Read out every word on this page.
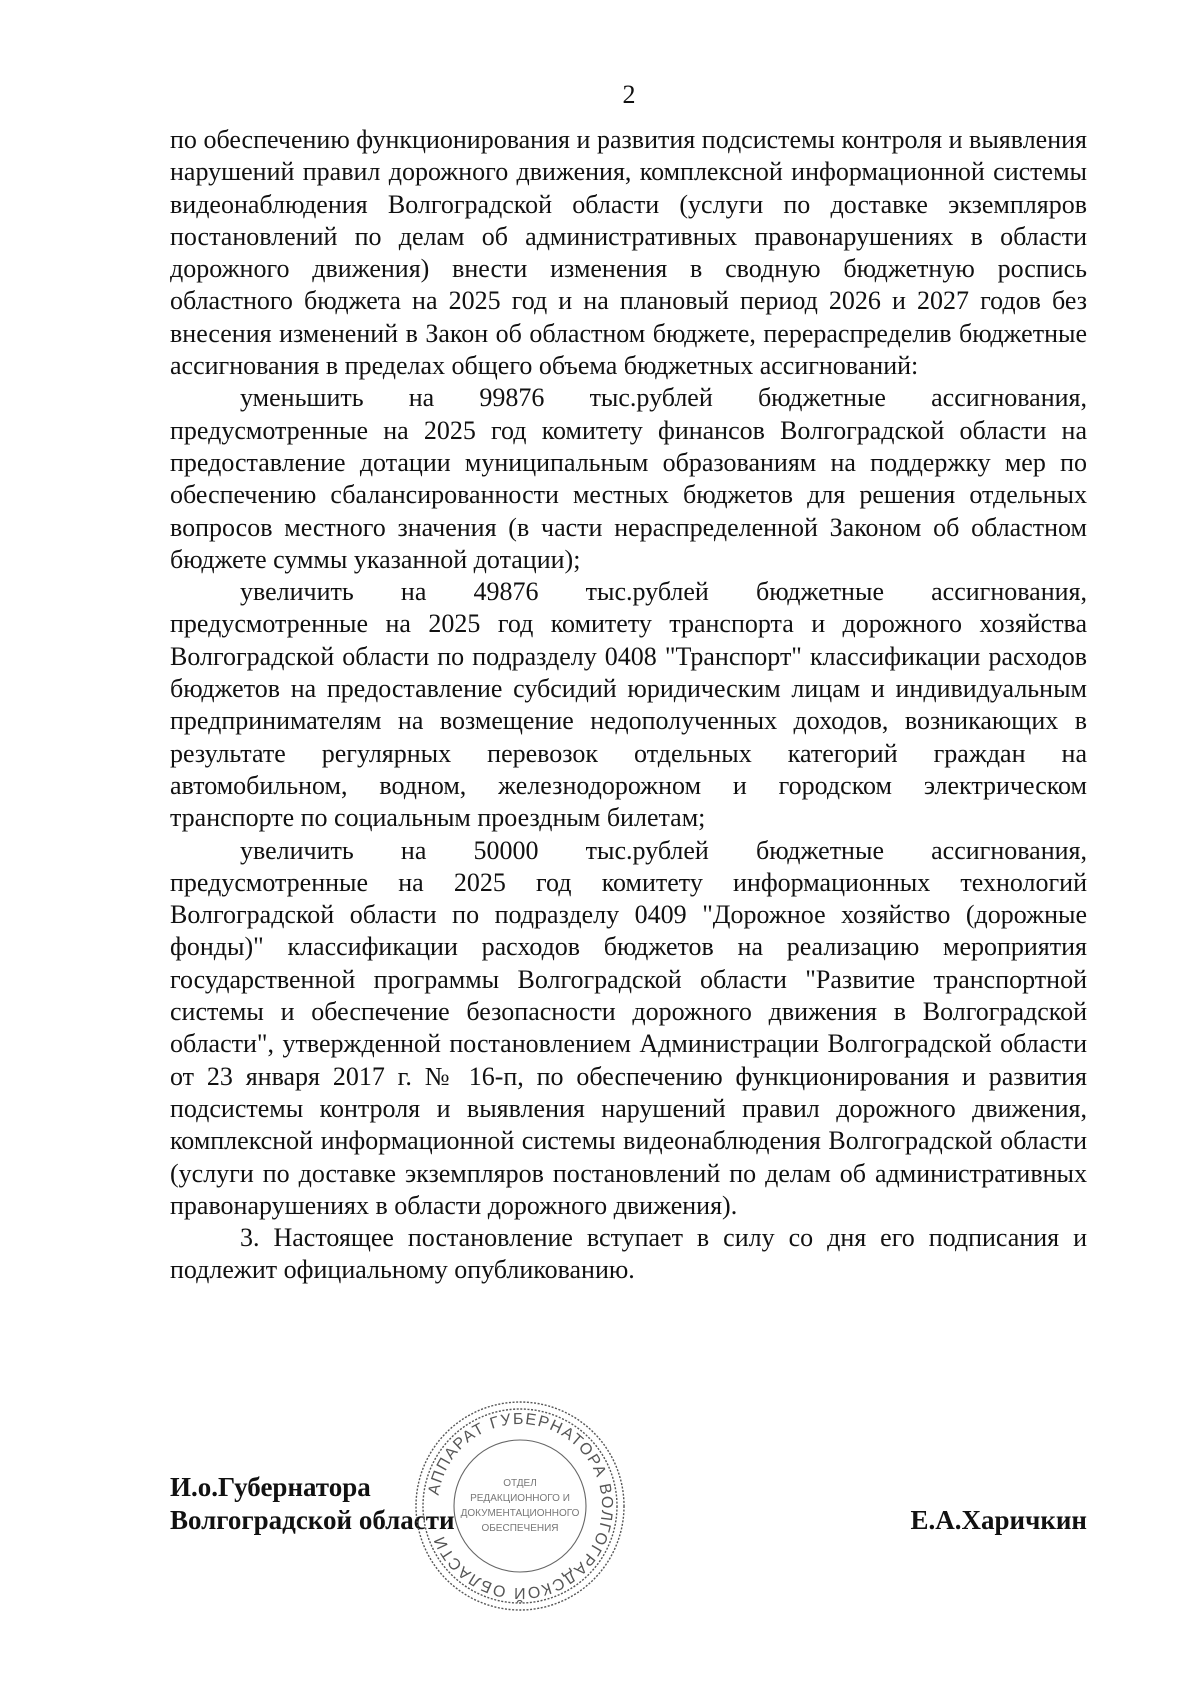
2

по обеспечению функционирования и развития подсистемы контроля и выявления нарушений правил дорожного движения, комплексной информационной системы видеонаблюдения Волгоградской области (услуги по доставке экземпляров постановлений по делам об административных правонарушениях в области дорожного движения) внести изменения в сводную бюджетную роспись областного бюджета на 2025 год и на плановый период 2026 и 2027 годов без внесения изменений в Закон об областном бюджете, перераспределив бюджетные ассигнования в пределах общего объема бюджетных ассигнований:

уменьшить на 99876 тыс.рублей бюджетные ассигнования, предусмотренные на 2025 год комитету финансов Волгоградской области на предоставление дотации муниципальным образованиям на поддержку мер по обеспечению сбалансированности местных бюджетов для решения отдельных вопросов местного значения (в части нераспределенной Законом об областном бюджете суммы указанной дотации);

увеличить на 49876 тыс.рублей бюджетные ассигнования, предусмотренные на 2025 год комитету транспорта и дорожного хозяйства Волгоградской области по подразделу 0408 "Транспорт" классификации расходов бюджетов на предоставление субсидий юридическим лицам и индивидуальным предпринимателям на возмещение недополученных доходов, возникающих в результате регулярных перевозок отдельных категорий граждан на автомобильном, водном, железнодорожном и городском электрическом транспорте по социальным проездным билетам;

увеличить на 50000 тыс.рублей бюджетные ассигнования, предусмотренные на 2025 год комитету информационных технологий Волгоградской области по подразделу 0409 "Дорожное хозяйство (дорожные фонды)" классификации расходов бюджетов на реализацию мероприятия государственной программы Волгоградской области "Развитие транспортной системы и обеспечение безопасности дорожного движения в Волгоградской области", утвержденной постановлением Администрации Волгоградской области от 23 января 2017 г. № 16-п, по обеспечению функционирования и развития подсистемы контроля и выявления нарушений правил дорожного движения, комплексной информационной системы видеонаблюдения Волгоградской области (услуги по доставке экземпляров постановлений по делам об административных правонарушениях в области дорожного движения).

3. Настоящее постановление вступает в силу со дня его подписания и подлежит официальному опубликованию.

И.о.Губернатора
Волгоградской области	Е.А.Харичкин
АППАРАТ ГУБЕРНАТОРА ВОЛГОГРАДСКОЙ ОБЛАСТИ
ОТДЕЛ
РЕДАКЦИОННОГО И
ДОКУМЕНТАЦИОННОГО
ОБЕСПЕЧЕНИЯ
